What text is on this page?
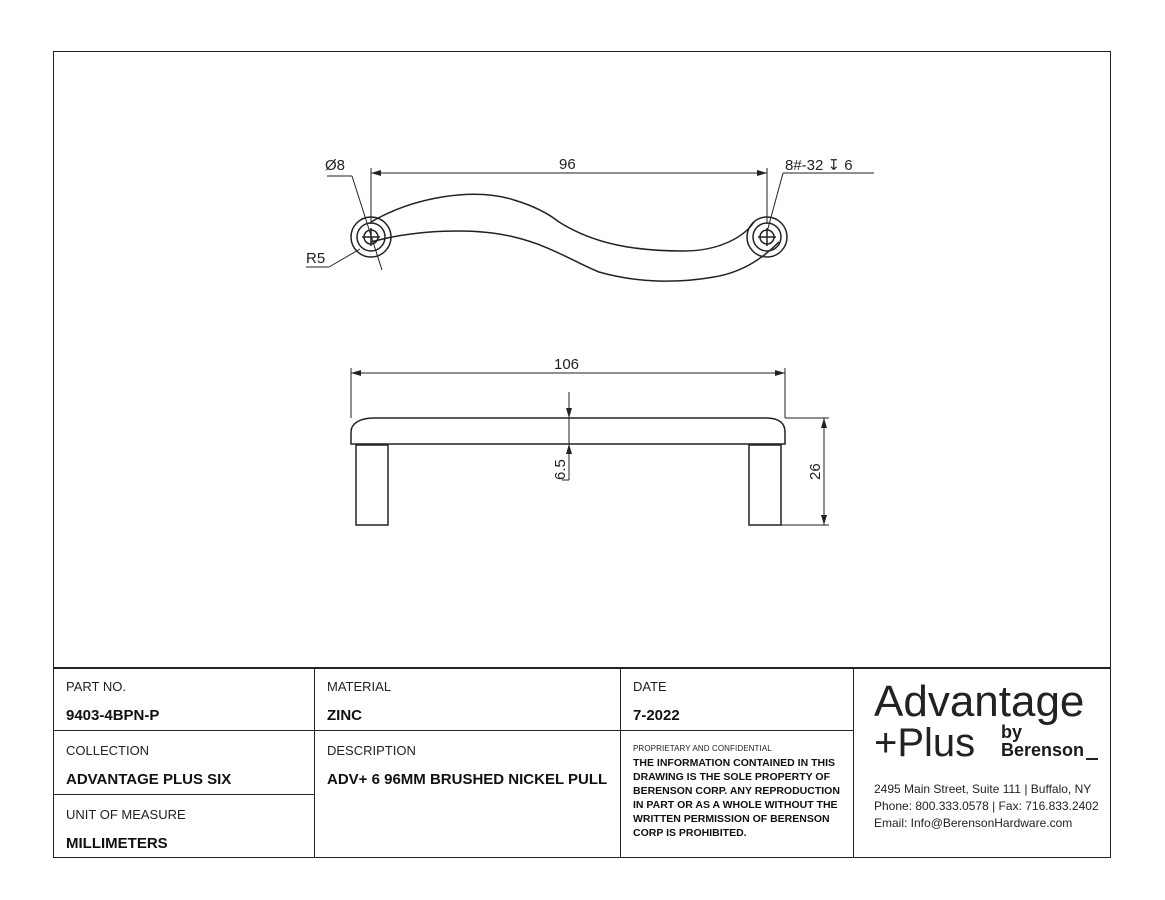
Ø8	96	8#-32 ↧ 6
R5
106
6.5	26
PART NO.
9403-4BPN-P
COLLECTION
ADVANTAGE PLUS SIX
UNIT OF MEASURE
MILLIMETERS
MATERIAL
ZINC
DESCRIPTION
ADV+ 6 96MM BRUSHED NICKEL PULL
DATE
7-2022
PROPRIETARY AND CONFIDENTIAL
THE INFORMATION CONTAINED IN THIS DRAWING IS THE SOLE PROPERTY OF BERENSON CORP. ANY REPRODUCTION IN PART OR AS A WHOLE WITHOUT THE WRITTEN PERMISSION OF BERENSON CORP IS PROHIBITED.
Advantage
+Plus by
Berenson
2495 Main Street, Suite 111 | Buffalo, NY
Phone: 800.333.0578 | Fax: 716.833.2402
Email: Info@BerensonHardware.com
